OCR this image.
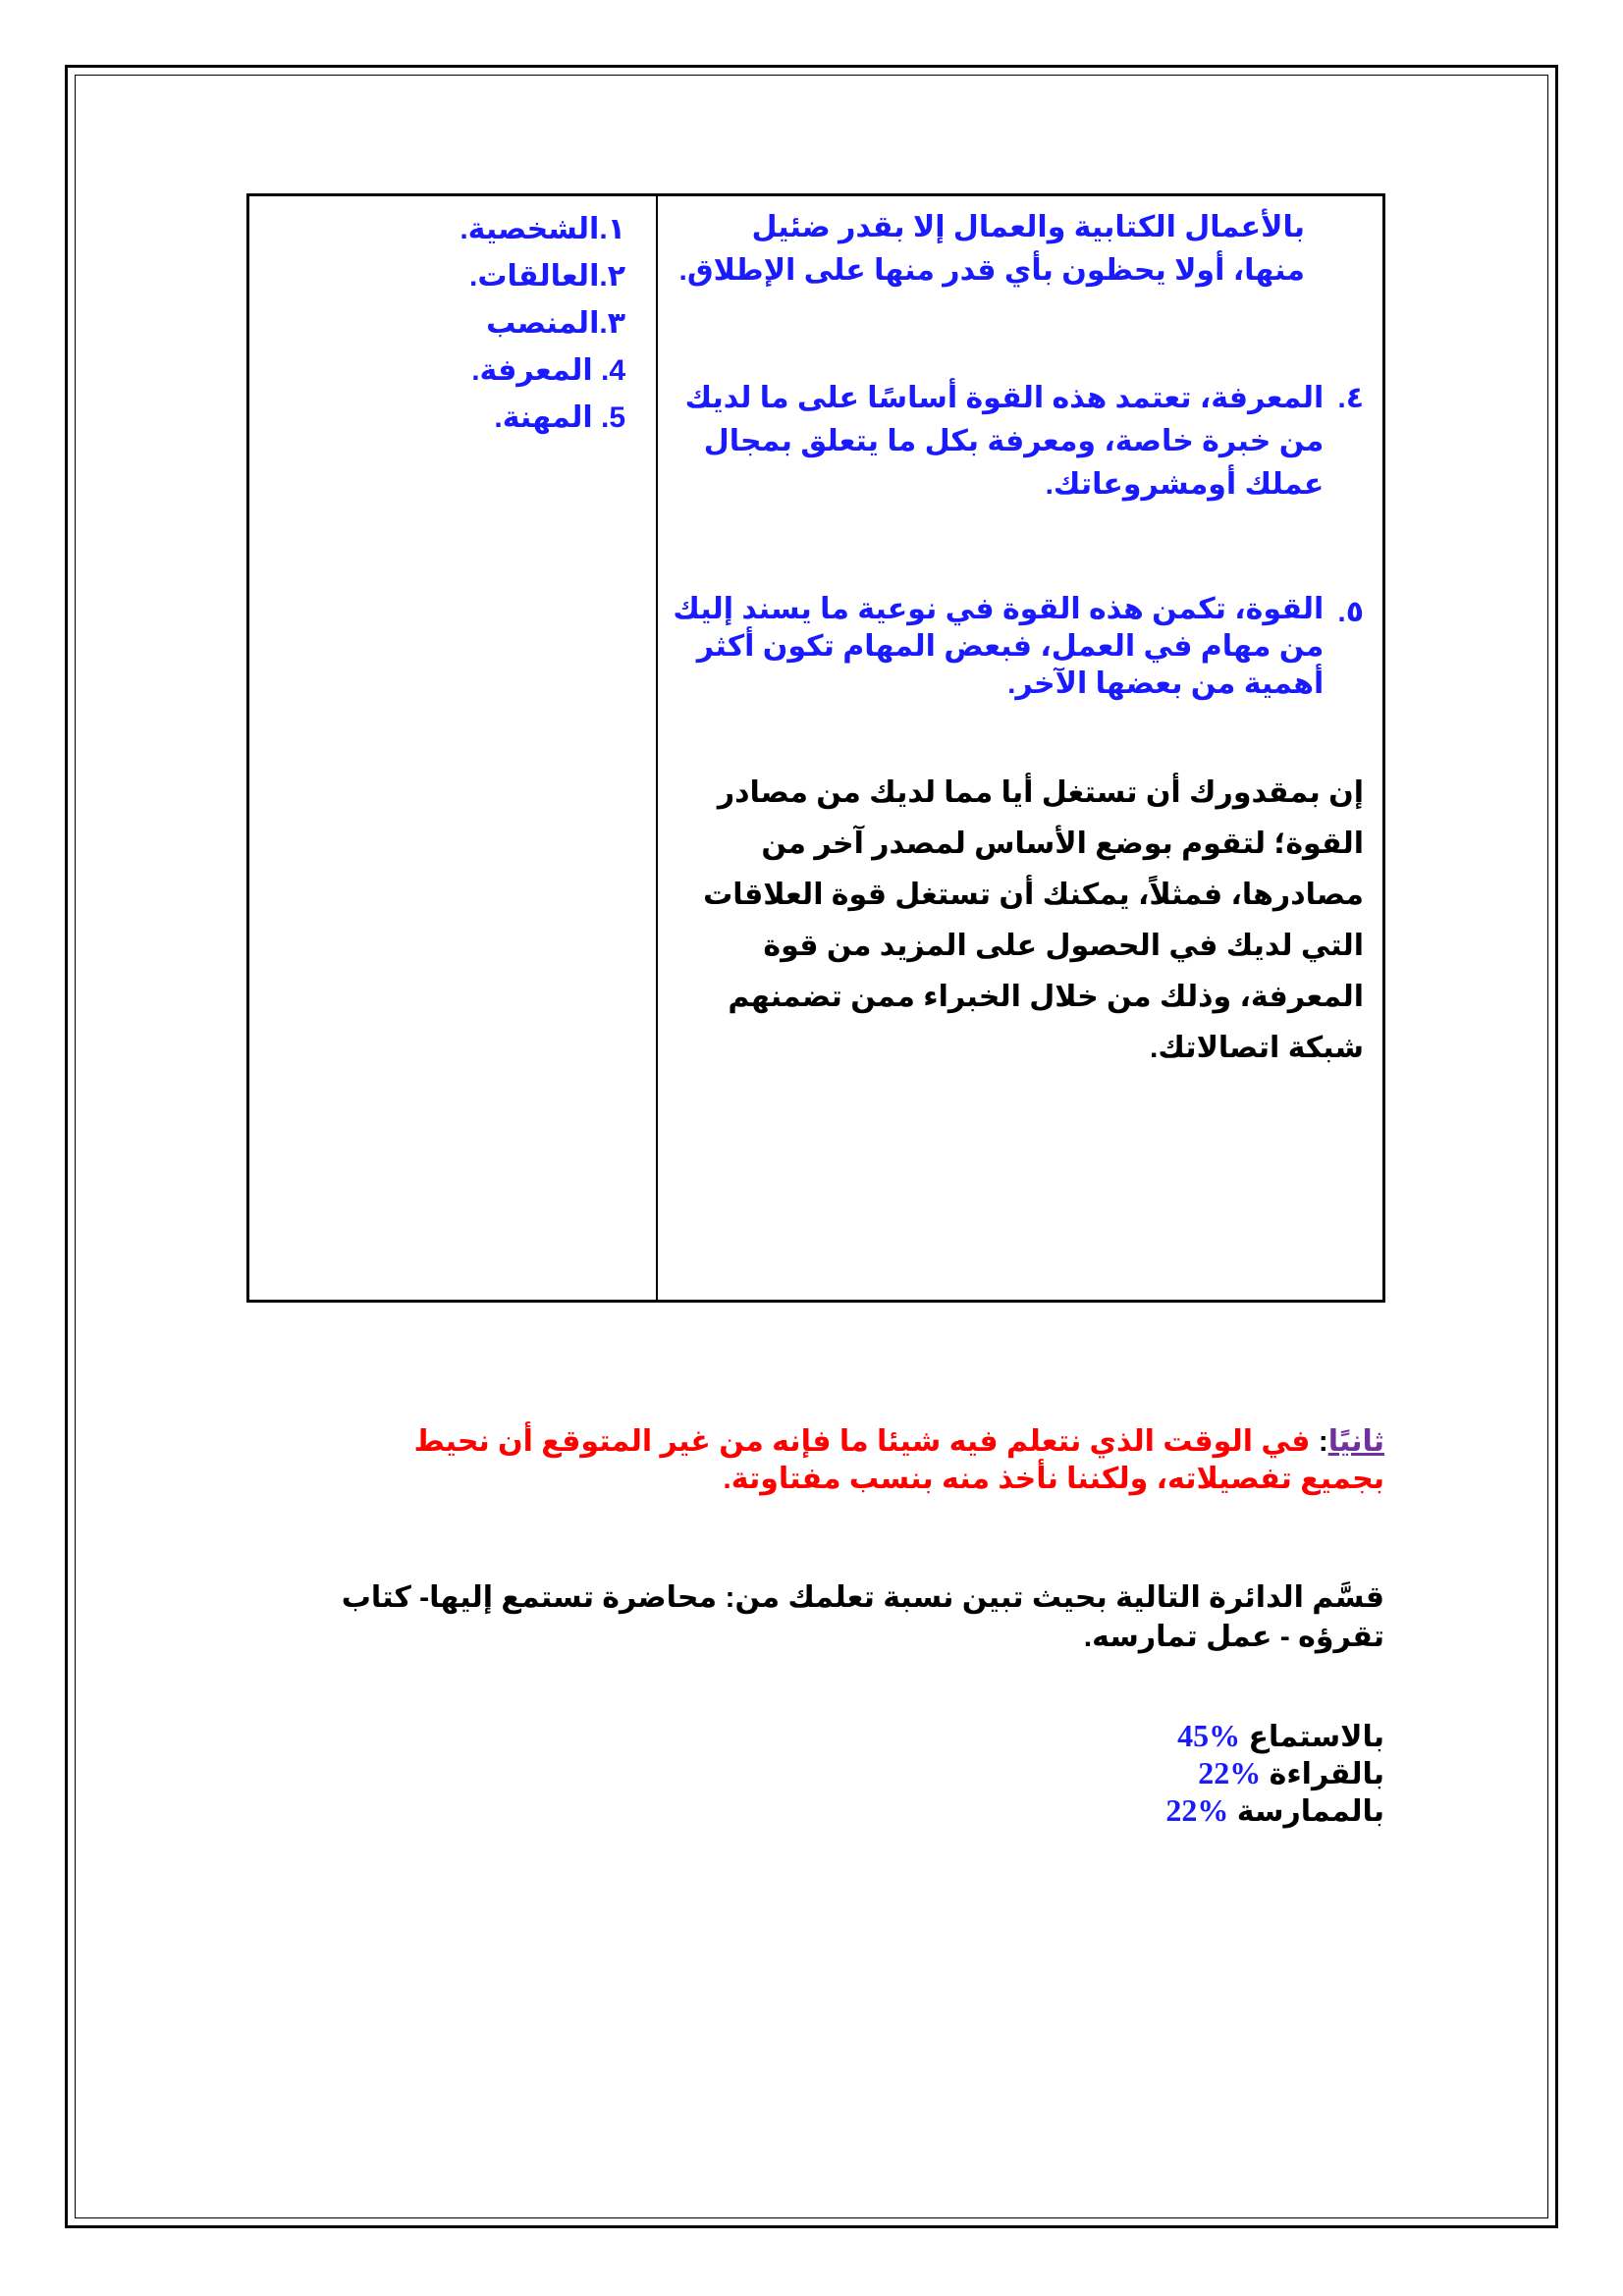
بالأعمال الكتابية والعمال إلا بقدر ضئيل منها، أولا يحظون بأي قدر منها على الإطلاق.

٤.

المعرفة، تعتمد هذه القوة أساسًا على ما لديك من خبرة خاصة، ومعرفة بكل ما يتعلق بمجال عملك أومشروعاتك.

٥.

القوة، تكمن هذه القوة في نوعية ما يسند إليك من مهام في العمل، فبعض المهام تكون أكثر أهمية من بعضها الآخر.

إن بمقدورك أن تستغل أيا مما لديك من مصادر القوة؛ لتقوم بوضع الأساس لمصدر آخر من مصادرها، فمثلاً، يمكنك أن تستغل قوة العلاقات التي لديك في الحصول على المزيد من قوة المعرفة، وذلك من خلال الخبراء ممن تضمنهم شبكة اتصالاتك.

١.الشخصية.
٢.العالقات.
٣.المنصب
4. المعرفة.
5. المهنة.
ثانيًا: في الوقت الذي نتعلم فيه شيئا ما فإنه من غير المتوقع أن نحيط بجميع تفصيلاته، ولكننا نأخذ منه بنسب مفتاوتة.
قسَّم الدائرة التالية بحيث تبين نسبة تعلمك من: محاضرة تستمع إليها- كتاب تقرؤه - عمل تمارسه.
بالاستماع 45%
بالقراءة 22%
بالممارسة 22%
